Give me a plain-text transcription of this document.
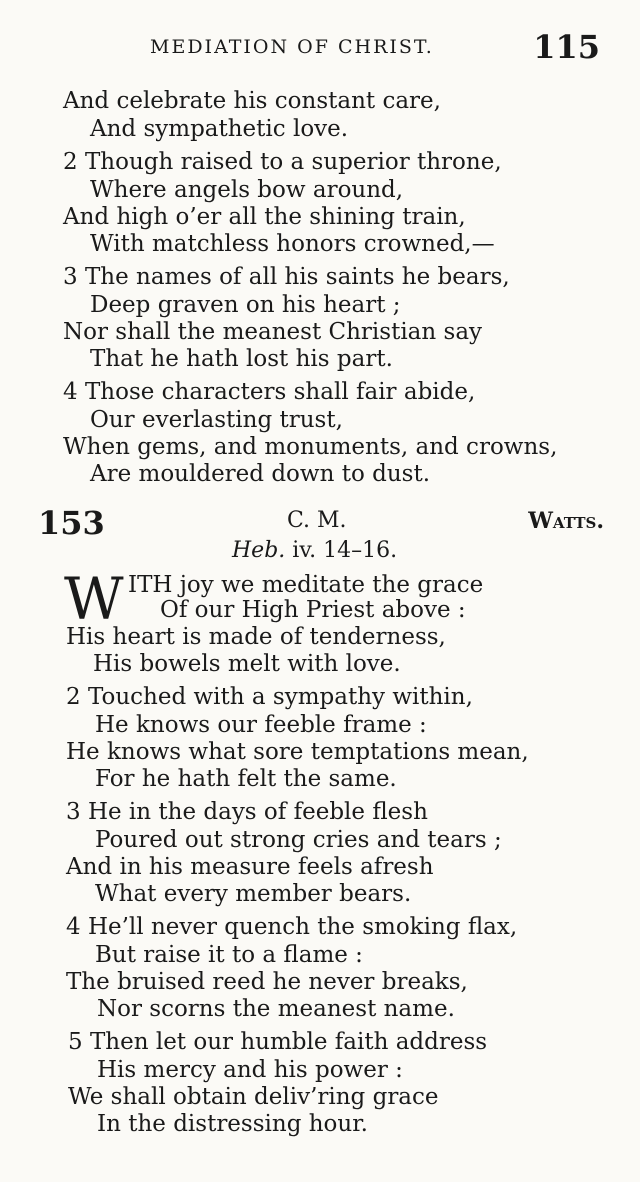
MEDIATION OF CHRIST.	115
And celebrate his constant care,
And sympathetic love.
2 Though raised to a superior throne,
Where angels bow around,
And high o’er all the shining train,
With matchless honors crowned,—
3 The names of all his saints he bears,
Deep graven on his heart ;
Nor shall the meanest Christian say
That he hath lost his part.
4 Those characters shall fair abide,
Our everlasting trust,
When gems, and monuments, and crowns,
Are mouldered down to dust.
153	C. M.	Watts.
Heb. iv. 14–16.
W ITH joy we meditate the grace
Of our High Priest above :
His heart is made of tenderness,
His bowels melt with love.
2 Touched with a sympathy within,
He knows our feeble frame :
He knows what sore temptations mean,
For he hath felt the same.
3 He in the days of feeble flesh
Poured out strong cries and tears ;
And in his measure feels afresh
What every member bears.
4 He’ll never quench the smoking flax,
But raise it to a flame :
The bruised reed he never breaks,
Nor scorns the meanest name.
5 Then let our humble faith address
His mercy and his power :
We shall obtain deliv’ring grace
In the distressing hour.
